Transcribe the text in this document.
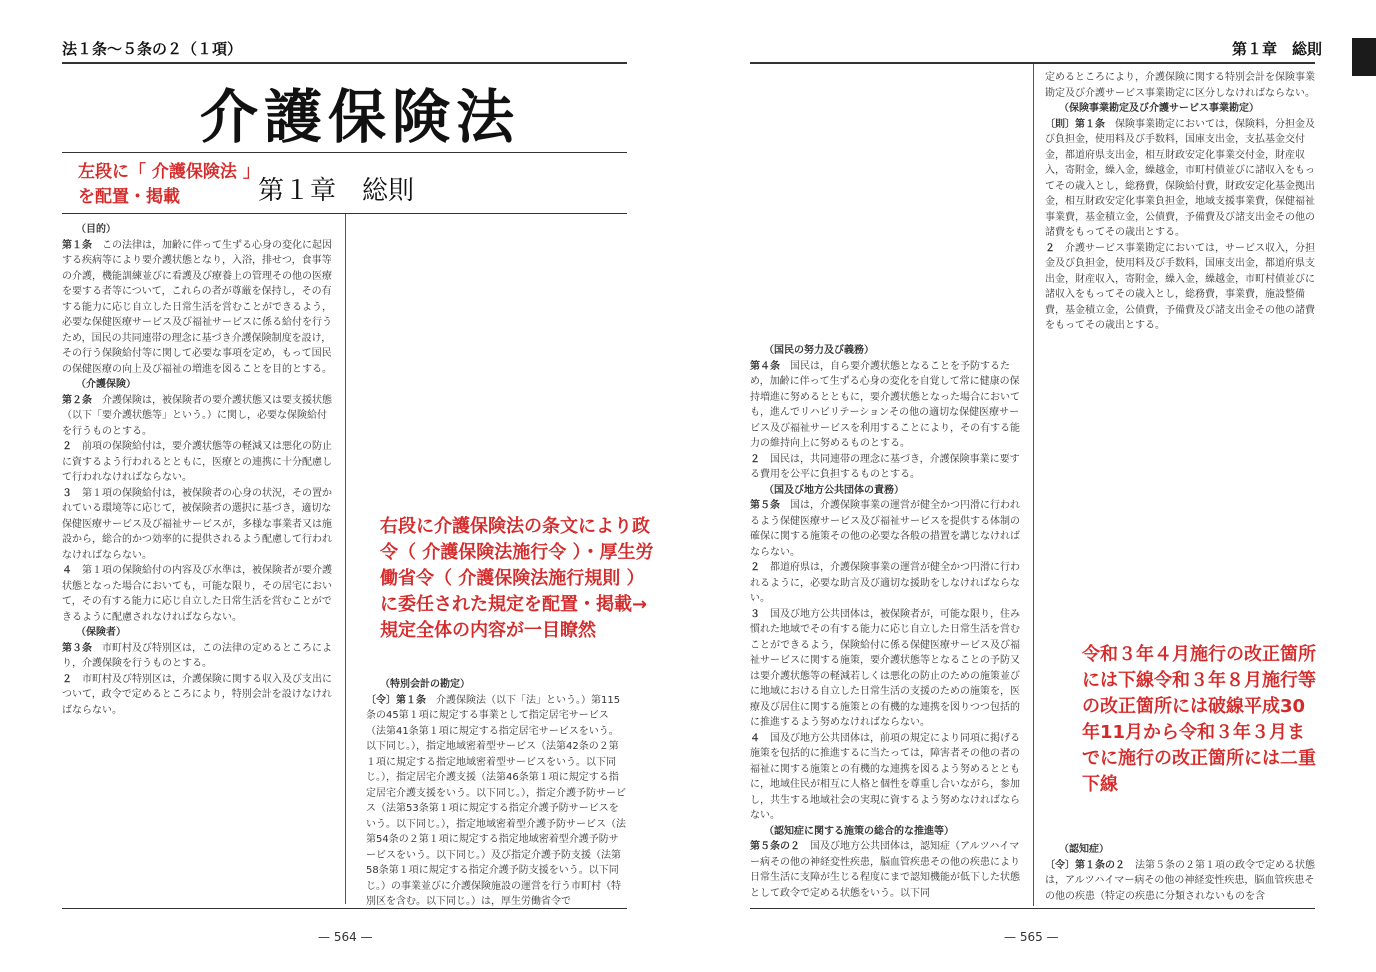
法１条〜５条の２（１項）
介護保険法
左段に「 介護保険法 」を配置・掲載	第１章　総則
（目的）
第１条　この法律は，加齢に伴って生ずる心身の変化に起因する疾病等により要介護状態となり，入浴，排せつ，食事等の介護，機能訓練並びに看護及び療養上の管理その他の医療を要する者等について，これらの者が尊厳を保持し，その有する能力に応じ自立した日常生活を営むことができるよう，必要な保健医療サービス及び福祉サービスに係る給付を行うため，国民の共同連帯の理念に基づき介護保険制度を設け，その行う保険給付等に関して必要な事項を定め，もって国民の保健医療の向上及び福祉の増進を図ることを目的とする。
（介護保険）
第２条　介護保険は，被保険者の要介護状態又は要支援状態（以下「要介護状態等」という。）に関し，必要な保険給付を行うものとする。
２　前項の保険給付は，要介護状態等の軽減又は悪化の防止に資するよう行われるとともに，医療との連携に十分配慮して行われなければならない。
３　第１項の保険給付は，被保険者の心身の状況，その置かれている環境等に応じて，被保険者の選択に基づき，適切な保健医療サービス及び福祉サービスが，多様な事業者又は施設から，総合的かつ効率的に提供されるよう配慮して行われなければならない。
４　第１項の保険給付の内容及び水準は，被保険者が要介護状態となった場合においても，可能な限り，その居宅において，その有する能力に応じ自立した日常生活を営むことができるように配慮されなければならない。
（保険者）
第３条　市町村及び特別区は，この法律の定めるところにより，介護保険を行うものとする。
２　市町村及び特別区は，介護保険に関する収入及び支出について，政令で定めるところにより，特別会計を設けなければならない。
右段に介護保険法の条文により政令（ 介護保険法施行令 ）・厚生労働省令（ 介護保険法施行規則 ）に委任された規定を配置・掲載→規定全体の内容が一目瞭然
（特別会計の勘定）
〔令〕第１条　介護保険法（以下「法」という。）第115条の45第１項に規定する事業として指定居宅サービス（法第41条第１項に規定する指定居宅サービスをいう。以下同じ。），指定地域密着型サービス（法第42条の２第１項に規定する指定地域密着型サービスをいう。以下同じ。），指定居宅介護支援（法第46条第１項に規定する指定居宅介護支援をいう。以下同じ。），指定介護予防サービス（法第53条第１項に規定する指定介護予防サービスをいう。以下同じ。），指定地域密着型介護予防サービス（法第54条の２第１項に規定する指定地域密着型介護予防サービスをいう。以下同じ。）及び指定介護予防支援（法第58条第１項に規定する指定介護予防支援をいう。以下同じ。）の事業並びに介護保険施設の運営を行う市町村（特別区を含む。以下同じ。）は，厚生労働省令で
— 564 —
第１章　総則
定めるところにより，介護保険に関する特別会計を保険事業勘定及び介護サービス事業勘定に区分しなければならない。
（保険事業勘定及び介護サービス事業勘定）
〔則〕第１条　保険事業勘定においては，保険料，分担金及び負担金，使用料及び手数料，国庫支出金，支払基金交付金，都道府県支出金，相互財政安定化事業交付金，財産収入，寄附金，繰入金，繰越金，市町村債並びに諸収入をもってその歳入とし，総務費，保険給付費，財政安定化基金拠出金，相互財政安定化事業負担金，地域支援事業費，保健福祉事業費，基金積立金，公債費，予備費及び諸支出金その他の諸費をもってその歳出とする。
２　介護サービス事業勘定においては，サービス収入，分担金及び負担金，使用料及び手数料，国庫支出金，都道府県支出金，財産収入，寄附金，繰入金，繰越金，市町村債並びに諸収入をもってその歳入とし，総務費，事業費，施設整備費，基金積立金，公債費，予備費及び諸支出金その他の諸費をもってその歳出とする。
（国民の努力及び義務）
第４条　国民は，自ら要介護状態となることを予防するため，加齢に伴って生ずる心身の変化を自覚して常に健康の保持増進に努めるとともに，要介護状態となった場合においても，進んでリハビリテーションその他の適切な保健医療サービス及び福祉サービスを利用することにより，その有する能力の維持向上に努めるものとする。
２　国民は，共同連帯の理念に基づき，介護保険事業に要する費用を公平に負担するものとする。
（国及び地方公共団体の責務）
第５条　国は，介護保険事業の運営が健全かつ円滑に行われるよう保健医療サービス及び福祉サービスを提供する体制の確保に関する施策その他の必要な各般の措置を講じなければならない。
２　都道府県は，介護保険事業の運営が健全かつ円滑に行われるように，必要な助言及び適切な援助をしなければならない。
３　国及び地方公共団体は，被保険者が，可能な限り，住み慣れた地域でその有する能力に応じ自立した日常生活を営むことができるよう，保険給付に係る保健医療サービス及び福祉サービスに関する施策，要介護状態等となることの予防又は要介護状態等の軽減若しくは悪化の防止のための施策並びに地域における自立した日常生活の支援のための施策を，医療及び居住に関する施策との有機的な連携を図りつつ包括的に推進するよう努めなければならない。
４　国及び地方公共団体は，前項の規定により同項に掲げる施策を包括的に推進するに当たっては，障害者その他の者の福祉に関する施策との有機的な連携を図るよう努めるとともに，地域住民が相互に人格と個性を尊重し合いながら，参加し，共生する地域社会の実現に資するよう努めなければならない。
（認知症に関する施策の総合的な推進等）
第５条の２　国及び地方公共団体は，認知症（アルツハイマー病その他の神経変性疾患，脳血管疾患その他の疾患により日常生活に支障が生じる程度にまで認知機能が低下した状態として政令で定める状態をいう。以下同
令和３年４月施行の改正箇所には下線令和３年８月施行等の改正箇所には破線平成30年11月から令和３年３月までに施行の改正箇所には二重下線
（認知症）
〔令〕第１条の２　法第５条の２第１項の政令で定める状態は，アルツハイマー病その他の神経変性疾患，脳血管疾患その他の疾患（特定の疾患に分類されないものを含
— 565 —
